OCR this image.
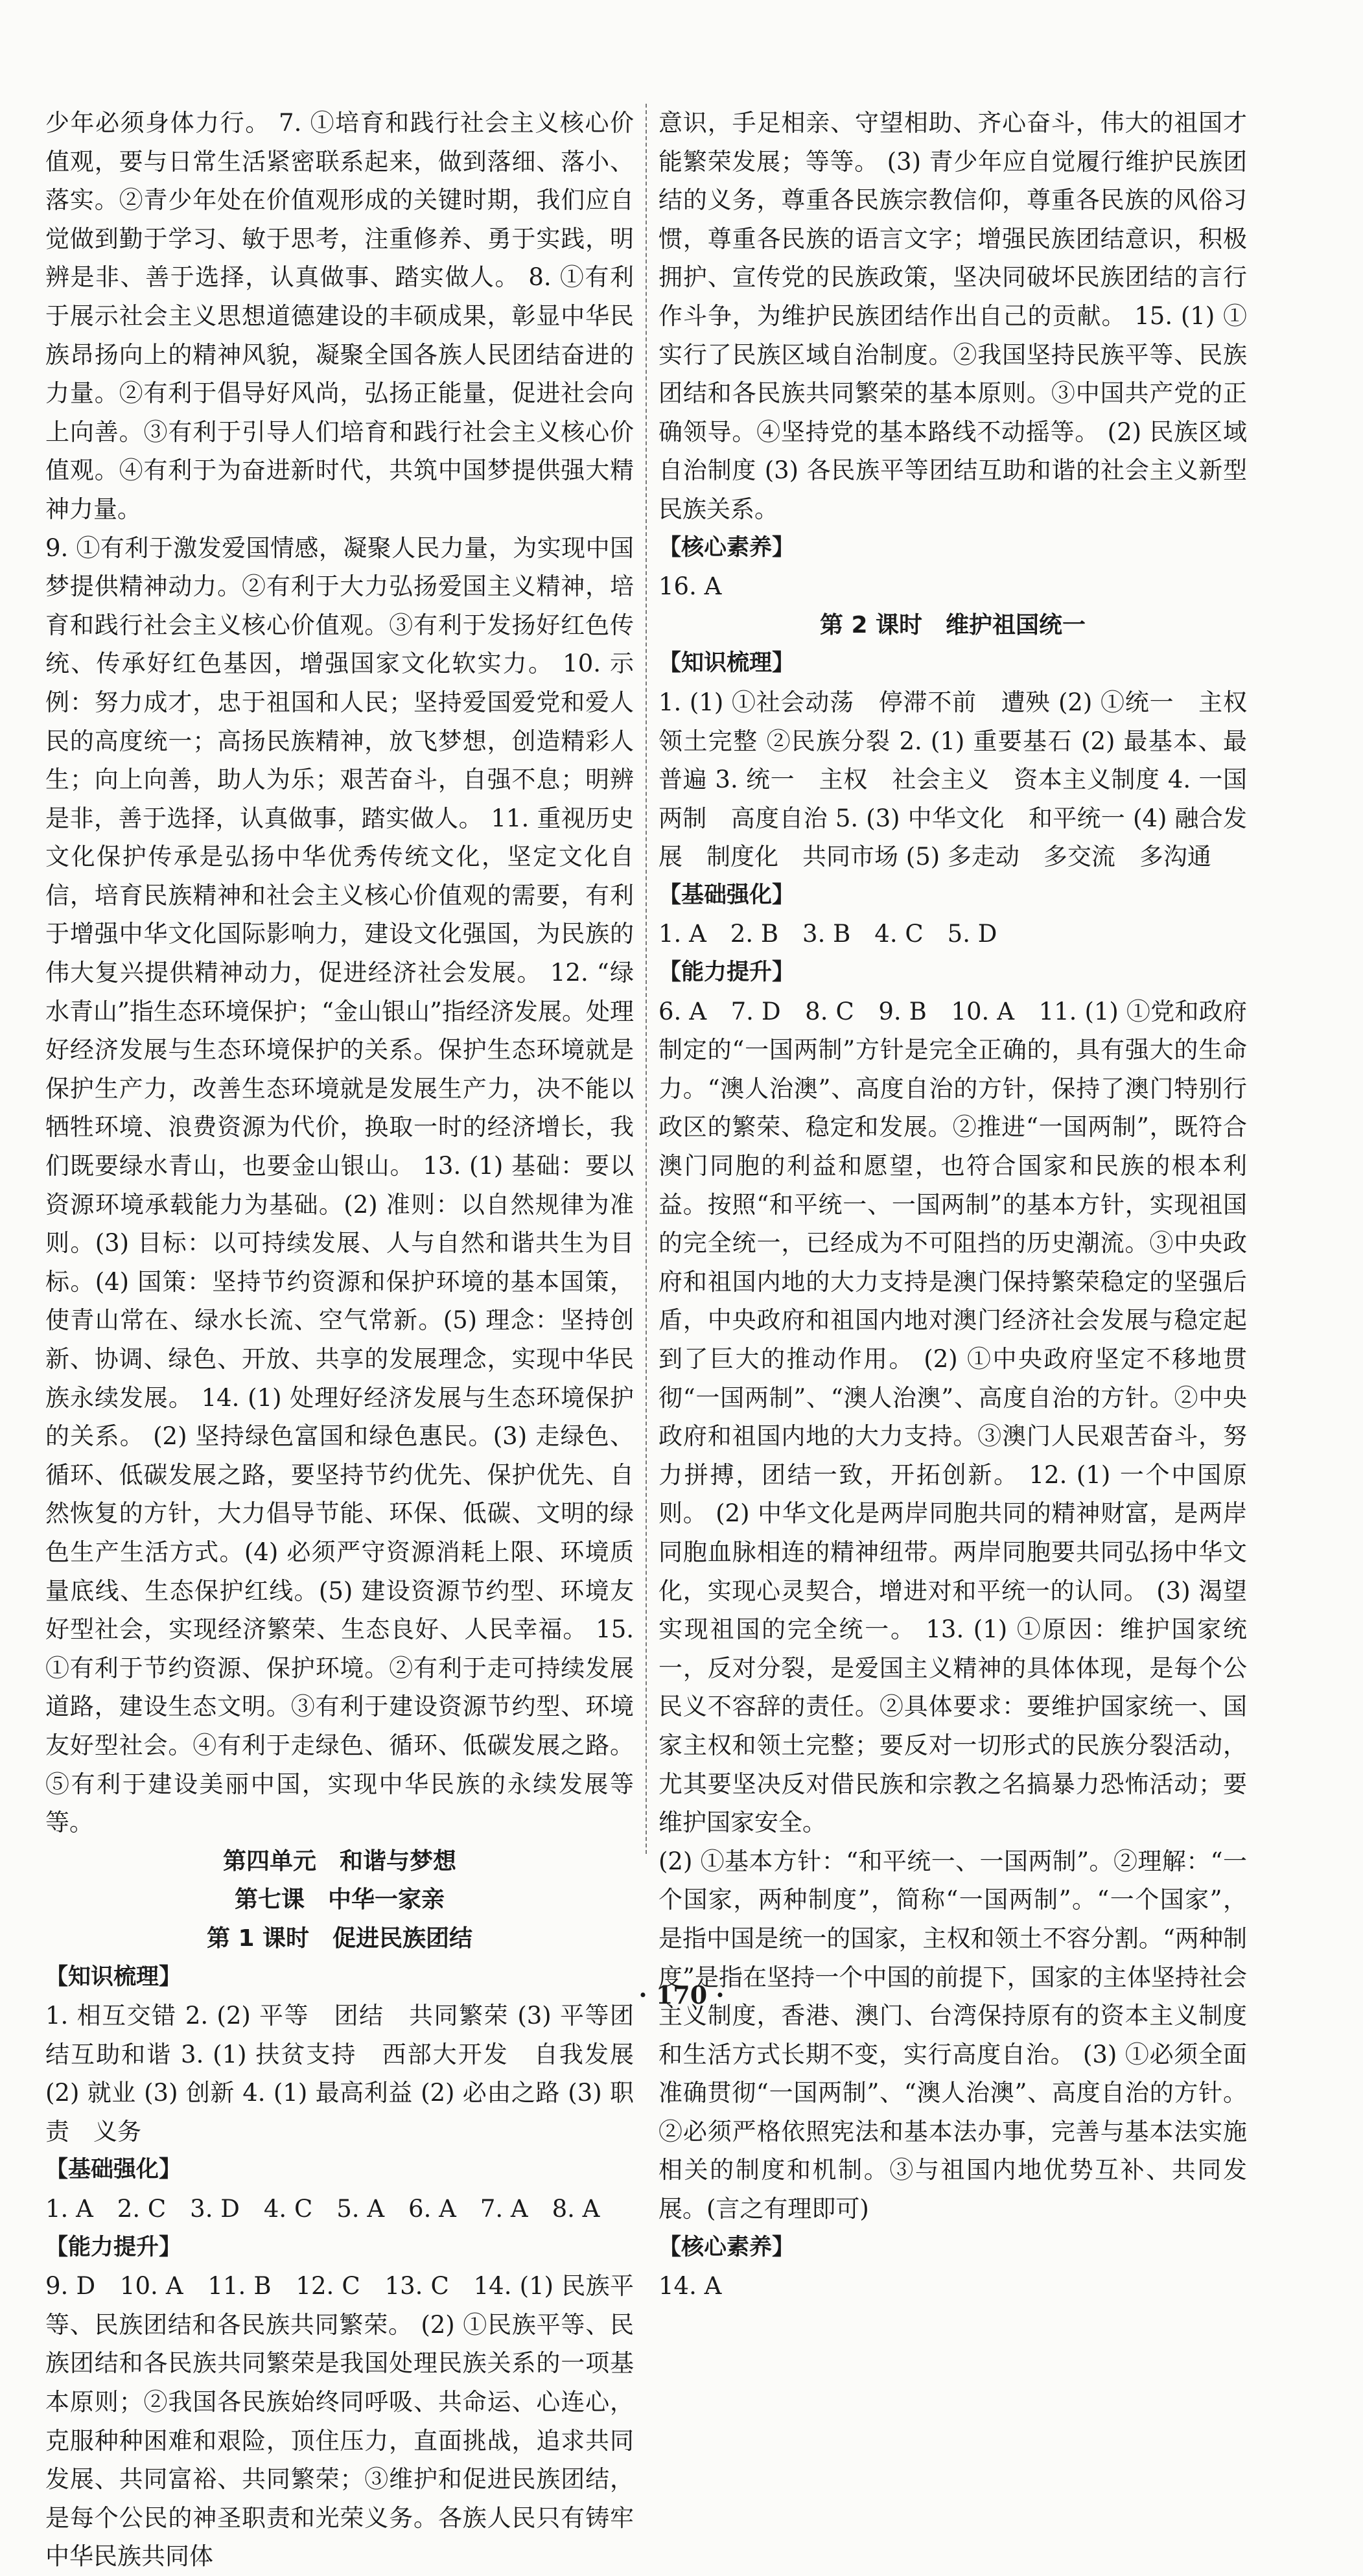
少年必须身体力行。 7. ①培育和践行社会主义核心价值观，要与日常生活紧密联系起来，做到落细、落小、落实。②青少年处在价值观形成的关键时期，我们应自觉做到勤于学习、敏于思考，注重修养、勇于实践，明辨是非、善于选择，认真做事、踏实做人。 8. ①有利于展示社会主义思想道德建设的丰硕成果，彰显中华民族昂扬向上的精神风貌，凝聚全国各族人民团结奋进的力量。②有利于倡导好风尚，弘扬正能量，促进社会向上向善。③有利于引导人们培育和践行社会主义核心价值观。④有利于为奋进新时代，共筑中国梦提供强大精神力量。

9. ①有利于激发爱国情感，凝聚人民力量，为实现中国梦提供精神动力。②有利于大力弘扬爱国主义精神，培育和践行社会主义核心价值观。③有利于发扬好红色传统、传承好红色基因，增强国家文化软实力。 10. 示例：努力成才，忠于祖国和人民；坚持爱国爱党和爱人民的高度统一；高扬民族精神，放飞梦想，创造精彩人生；向上向善，助人为乐；艰苦奋斗，自强不息；明辨是非，善于选择，认真做事，踏实做人。 11. 重视历史文化保护传承是弘扬中华优秀传统文化，坚定文化自信，培育民族精神和社会主义核心价值观的需要，有利于增强中华文化国际影响力，建设文化强国，为民族的伟大复兴提供精神动力，促进经济社会发展。 12. “绿水青山”指生态环境保护；“金山银山”指经济发展。处理好经济发展与生态环境保护的关系。保护生态环境就是保护生产力，改善生态环境就是发展生产力，决不能以牺牲环境、浪费资源为代价，换取一时的经济增长，我们既要绿水青山，也要金山银山。 13. (1) 基础：要以资源环境承载能力为基础。(2) 准则：以自然规律为准则。(3) 目标：以可持续发展、人与自然和谐共生为目标。(4) 国策：坚持节约资源和保护环境的基本国策，使青山常在、绿水长流、空气常新。(5) 理念：坚持创新、协调、绿色、开放、共享的发展理念，实现中华民族永续发展。 14. (1) 处理好经济发展与生态环境保护的关系。 (2) 坚持绿色富国和绿色惠民。(3) 走绿色、循环、低碳发展之路，要坚持节约优先、保护优先、自然恢复的方针，大力倡导节能、环保、低碳、文明的绿色生产生活方式。(4) 必须严守资源消耗上限、环境质量底线、生态保护红线。(5) 建设资源节约型、环境友好型社会，实现经济繁荣、生态良好、人民幸福。 15. ①有利于节约资源、保护环境。②有利于走可持续发展道路，建设生态文明。③有利于建设资源节约型、环境友好型社会。④有利于走绿色、循环、低碳发展之路。⑤有利于建设美丽中国，实现中华民族的永续发展等等。

第四单元　和谐与梦想
第七课　中华一家亲
第 1 课时　促进民族团结
【知识梳理】

1. 相互交错 2. (2) 平等　团结　共同繁荣 (3) 平等团结互助和谐 3. (1) 扶贫支持　西部大开发　自我发展 (2) 就业 (3) 创新 4. (1) 最高利益 (2) 必由之路 (3) 职责　义务

【基础强化】

1. A　2. C　3. D　4. C　5. A　6. A　7. A　8. A

【能力提升】

9. D　10. A　11. B　12. C　13. C　14. (1) 民族平等、民族团结和各民族共同繁荣。 (2) ①民族平等、民族团结和各民族共同繁荣是我国处理民族关系的一项基本原则；②我国各民族始终同呼吸、共命运、心连心，克服种种困难和艰险，顶住压力，直面挑战，追求共同发展、共同富裕、共同繁荣；③维护和促进民族团结，是每个公民的神圣职责和光荣义务。各族人民只有铸牢中华民族共同体

意识，手足相亲、守望相助、齐心奋斗，伟大的祖国才能繁荣发展；等等。 (3) 青少年应自觉履行维护民族团结的义务，尊重各民族宗教信仰，尊重各民族的风俗习惯，尊重各民族的语言文字；增强民族团结意识，积极拥护、宣传党的民族政策，坚决同破坏民族团结的言行作斗争，为维护民族团结作出自己的贡献。 15. (1) ①实行了民族区域自治制度。②我国坚持民族平等、民族团结和各民族共同繁荣的基本原则。③中国共产党的正确领导。④坚持党的基本路线不动摇等。 (2) 民族区域自治制度 (3) 各民族平等团结互助和谐的社会主义新型民族关系。

【核心素养】

16. A

第 2 课时　维护祖国统一
【知识梳理】

1. (1) ①社会动荡　停滞不前　遭殃 (2) ①统一　主权领土完整 ②民族分裂 2. (1) 重要基石 (2) 最基本、最普遍 3. 统一　主权　社会主义　资本主义制度 4. 一国两制　高度自治 5. (3) 中华文化　和平统一 (4) 融合发展　制度化　共同市场 (5) 多走动　多交流　多沟通

【基础强化】

1. A　2. B　3. B　4. C　5. D

【能力提升】

6. A　7. D　8. C　9. B　10. A　11. (1) ①党和政府制定的“一国两制”方针是完全正确的，具有强大的生命力。“澳人治澳”、高度自治的方针，保持了澳门特别行政区的繁荣、稳定和发展。②推进“一国两制”，既符合澳门同胞的利益和愿望，也符合国家和民族的根本利益。按照“和平统一、一国两制”的基本方针，实现祖国的完全统一，已经成为不可阻挡的历史潮流。③中央政府和祖国内地的大力支持是澳门保持繁荣稳定的坚强后盾，中央政府和祖国内地对澳门经济社会发展与稳定起到了巨大的推动作用。 (2) ①中央政府坚定不移地贯彻“一国两制”、“澳人治澳”、高度自治的方针。②中央政府和祖国内地的大力支持。③澳门人民艰苦奋斗，努力拼搏，团结一致，开拓创新。 12. (1) 一个中国原则。 (2) 中华文化是两岸同胞共同的精神财富，是两岸同胞血脉相连的精神纽带。两岸同胞要共同弘扬中华文化，实现心灵契合，增进对和平统一的认同。 (3) 渴望实现祖国的完全统一。 13. (1) ①原因：维护国家统一，反对分裂，是爱国主义精神的具体体现，是每个公民义不容辞的责任。②具体要求：要维护国家统一、国家主权和领土完整；要反对一切形式的民族分裂活动，尤其要坚决反对借民族和宗教之名搞暴力恐怖活动；要维护国家安全。

(2) ①基本方针：“和平统一、一国两制”。②理解：“一个国家，两种制度”，简称“一国两制”。“一个国家”，是指中国是统一的国家，主权和领土不容分割。“两种制度”是指在坚持一个中国的前提下，国家的主体坚持社会主义制度，香港、澳门、台湾保持原有的资本主义制度和生活方式长期不变，实行高度自治。 (3) ①必须全面准确贯彻“一国两制”、“澳人治澳”、高度自治的方针。②必须严格依照宪法和基本法办事，完善与基本法实施相关的制度和机制。③与祖国内地优势互补、共同发展。(言之有理即可)

【核心素养】

14. A

· 170 ·
